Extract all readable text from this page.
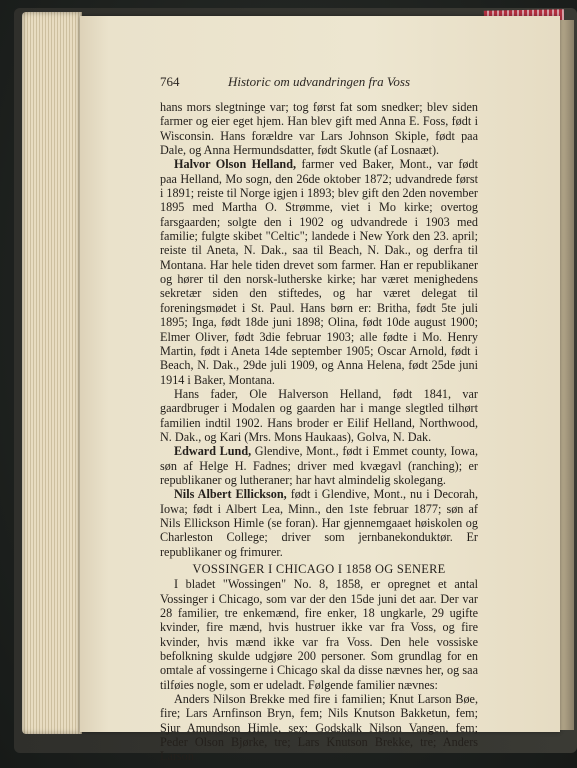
764	Historic om udvandringen fra Voss

hans mors slegtninge var; tog først fat som snedker; blev siden farmer og eier eget hjem. Han blev gift med Anna E. Foss, født i Wisconsin. Hans forældre var Lars Johnson Skiple, født paa Dale, og Anna Hermundsdatter, født Skutle (af Losnaæt).

Halvor Olson Helland, farmer ved Baker, Mont., var født paa Helland, Mo sogn, den 26de oktober 1872; udvandrede først i 1891; reiste til Norge igjen i 1893; blev gift den 2den november 1895 med Martha O. Strømme, viet i Mo kirke; overtog farsgaarden; solgte den i 1902 og udvandrede i 1903 med familie; fulgte skibet "Celtic"; landede i New York den 23. april; reiste til Aneta, N. Dak., saa til Beach, N. Dak., og derfra til Montana. Har hele tiden drevet som farmer. Han er republikaner og hører til den norsk-lutherske kirke; har været menighedens sekretær siden den stiftedes, og har været delegat til foreningsmødet i St. Paul. Hans børn er: Britha, født 5te juli 1895; Inga, født 18de juni 1898; Olina, født 10de august 1900; Elmer Oliver, født 3die februar 1903; alle fødte i Mo. Henry Martin, født i Aneta 14de september 1905; Oscar Arnold, født i Beach, N. Dak., 29de juli 1909, og Anna Helena, født 25de juni 1914 i Baker, Montana.

Hans fader, Ole Halverson Helland, født 1841, var gaardbruger i Modalen og gaarden har i mange slegtled tilhørt familien indtil 1902. Hans broder er Eilif Helland, Northwood, N. Dak., og Kari (Mrs. Mons Haukaas), Golva, N. Dak.

Edward Lund, Glendive, Mont., født i Emmet county, Iowa, søn af Helge H. Fadnes; driver med kvægavl (ranching); er republikaner og lutheraner; har havt almindelig skolegang.

Nils Albert Ellickson, født i Glendive, Mont., nu i Decorah, Iowa; født i Albert Lea, Minn., den 1ste februar 1877; søn af Nils Ellickson Himle (se foran). Har gjennemgaaet høiskolen og Charleston College; driver som jernbanekonduktør. Er republikaner og frimurer.

VOSSINGER I CHICAGO I 1858 OG SENERE

I bladet "Wossingen" No. 8, 1858, er opregnet et antal Vossinger i Chicago, som var der den 15de juni det aar. Der var 28 familier, tre enkemænd, fire enker, 18 ungkarle, 29 ugifte kvinder, fire mænd, hvis hustruer ikke var fra Voss, og fire kvinder, hvis mænd ikke var fra Voss. Den hele vossiske befolkning skulde udgjøre 200 personer. Som grundlag for en omtale af vossingerne i Chicago skal da disse nævnes her, og saa tilføies nogle, som er udeladt. Følgende familier nævnes:

Anders Nilson Brekke med fire i familien; Knut Larson Bøe, fire; Lars Arnfinson Bryn, fem; Nils Knutson Bakketun, fem; Sjur Amundson Himle, sex; Godskalk Nilson Vangen, fem; Peder Olson Bjørke, tre; Lars Knutson Brekke, tre; Anders Larson
